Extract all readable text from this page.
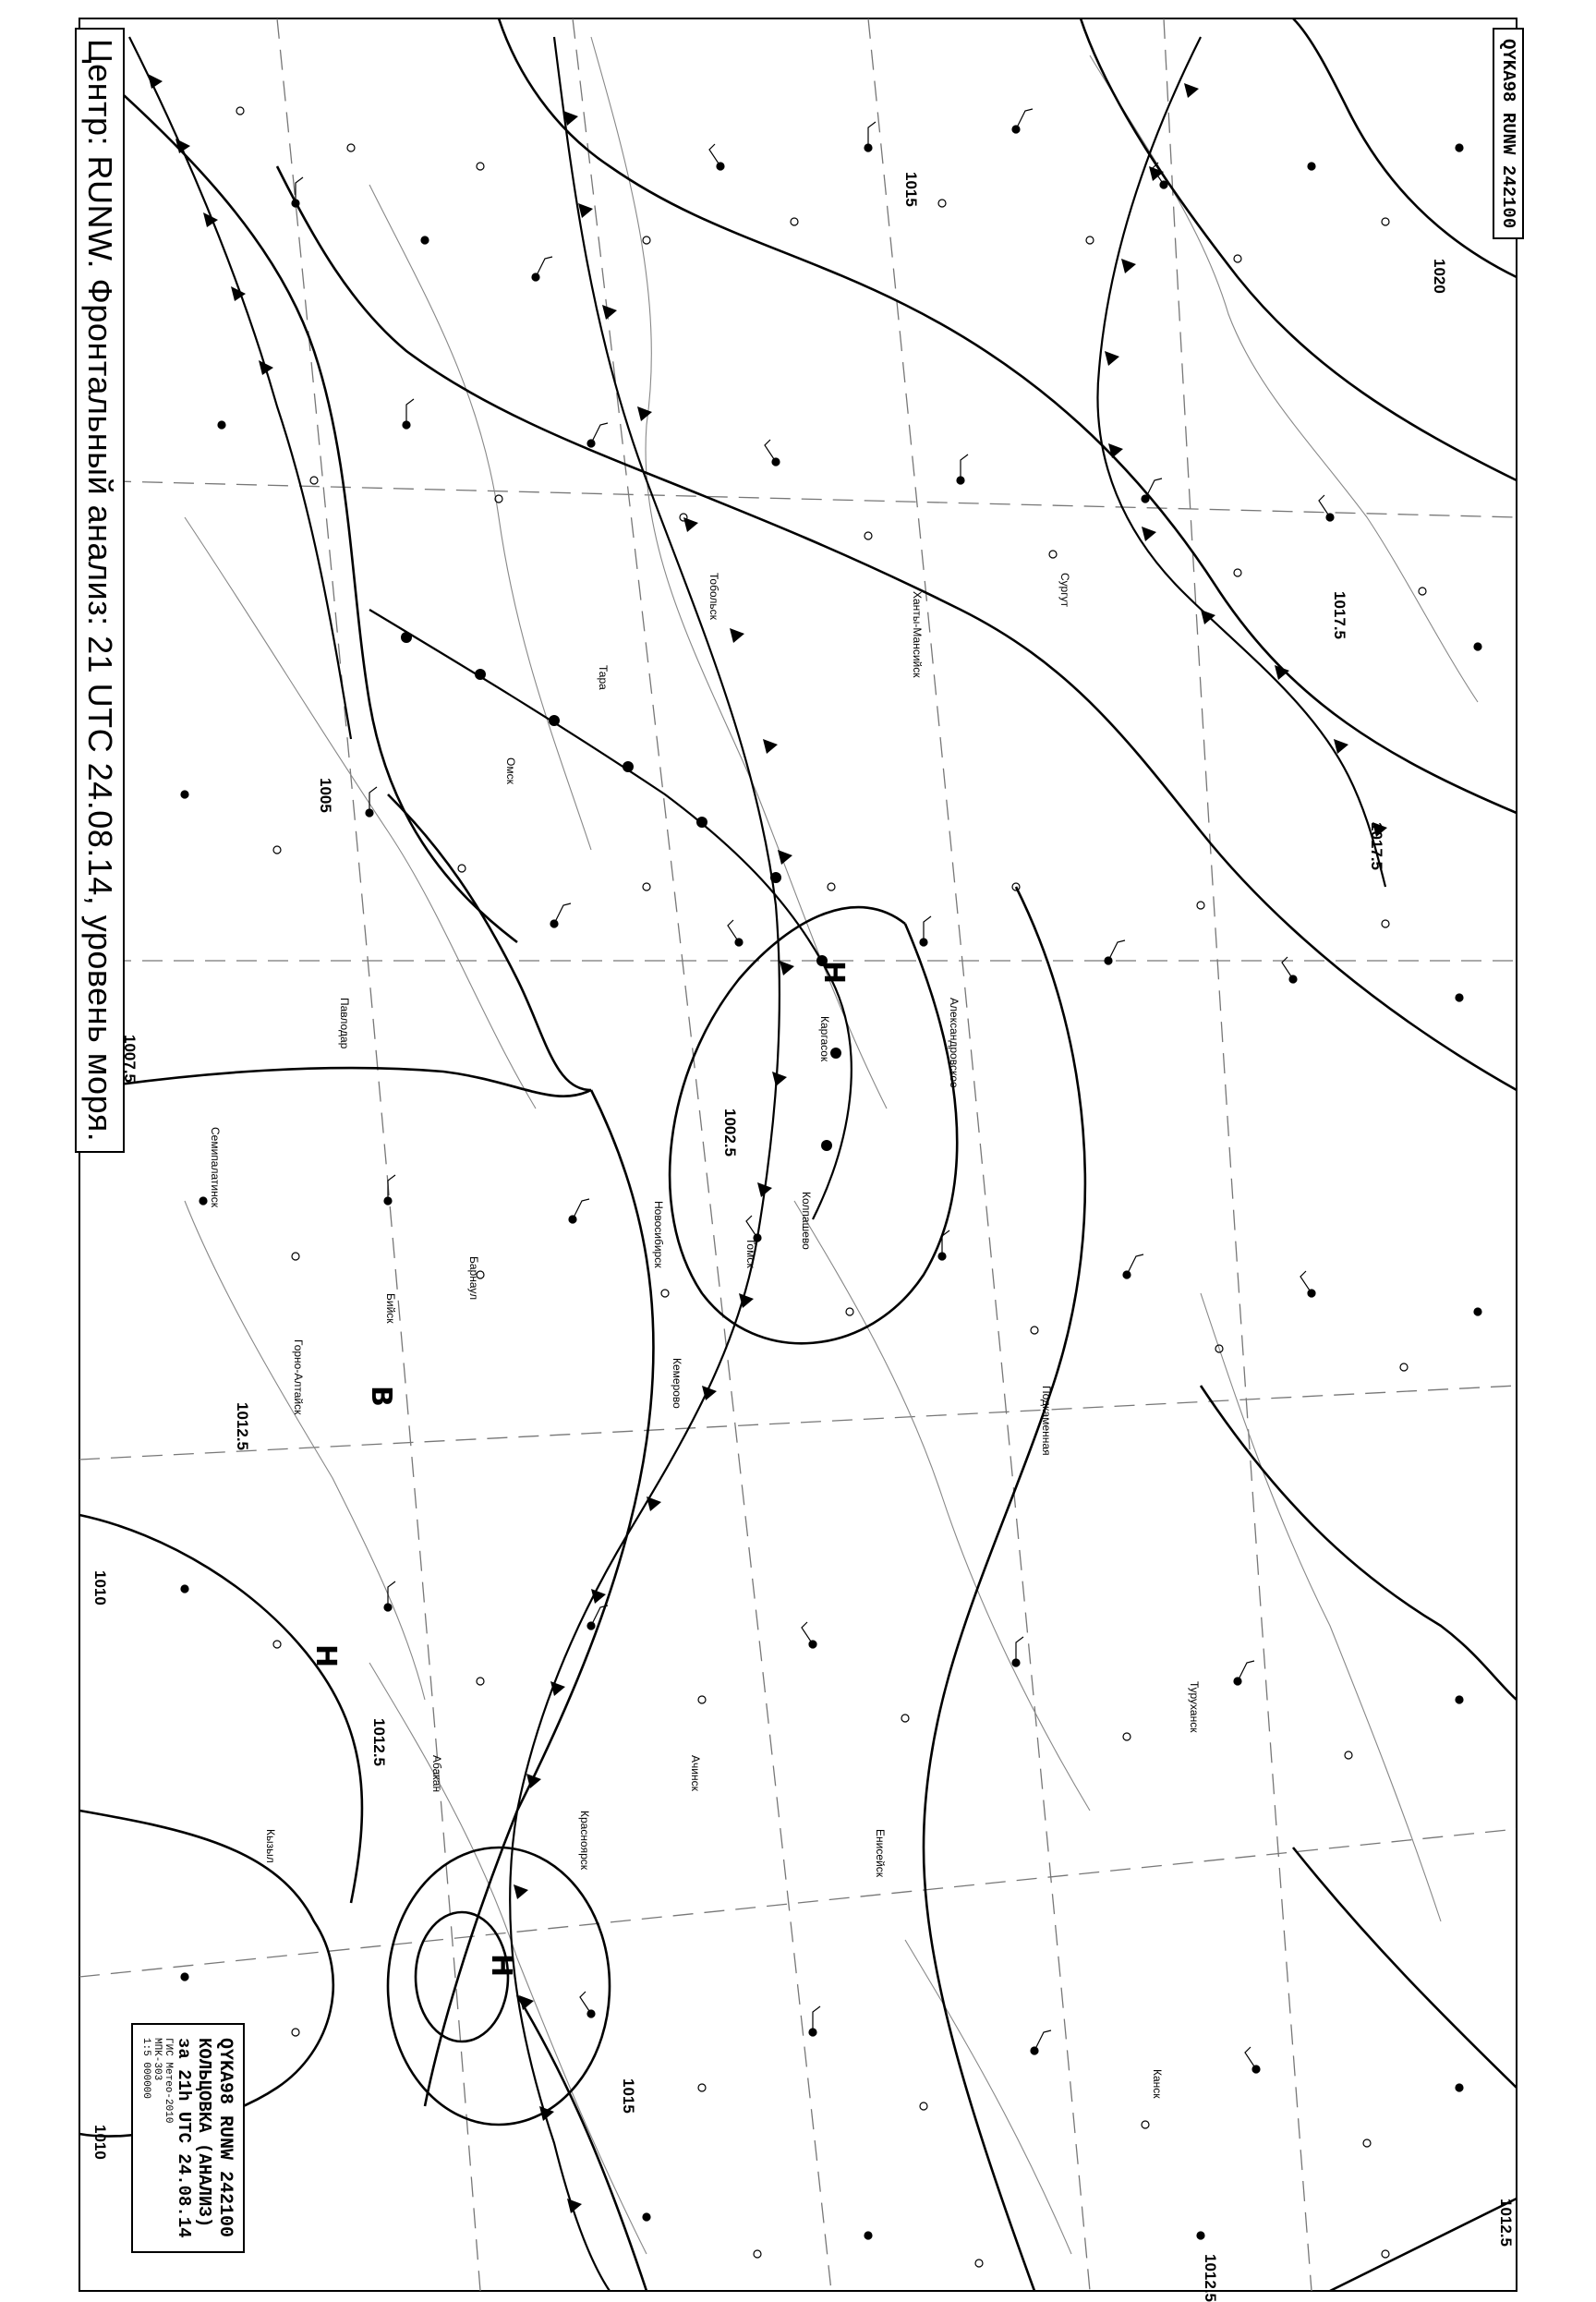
Центр: RUNW. Фронтальный анализ: 21 UTC 24.08.14, уровень моря.	QYKA98 RUNW 242100
QYKA98 RUNW 242100
КОЛЬЦОВКА (АНАЛИЗ)
за 21h UTC 24.08.14
ГИС Метео-2010
МПК-303
1:5 000000
1020
1017.5
1015
1012.5
1010
1007.5
1005
1002.5
1012.5
1012.5
1010
1015
1012.5
1017.5
Н
Н
В
Н
Новосибирск
Барнаул
Томск
Кемерово
Колпашево
Александровское
Каргасок
Бийск
Горно-Алтайск
Ханты-Мансийск
Сургут
Тобольск
Омск
Тара
Павлодар
Семипалатинск
Ачинск
Красноярск	Енисейск
Туруханск
Подкаменная
Кызыл
Абакан
Канск
